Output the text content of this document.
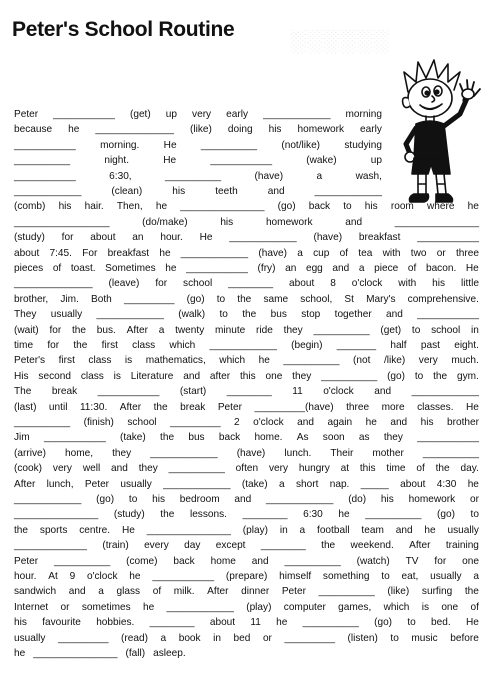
Peter's School Routine	░░░░░░
Peter ___________ (get) up very early ____________ morning
because he ______________ (like) doing his homework early
___________ morning. He __________ (not/like) studying
__________	night.	He	___________	(wake)	up
___________	6:30,	__________	(have)	a	wash,
____________	(clean)	his	teeth	and	____________
(comb) his hair. Then, he _______________ (go) back to his room where he
_________________	(do/make)	his	homework	and	_______________
(study) for about an hour. He ____________ (have) breakfast ___________
about 7:45. For breakfast he ____________ (have) a cup of tea with two or three
pieces of toast. Sometimes he ___________ (fry) an egg and a piece of bacon. He
______________ (leave) for school ________ about 8 o'clock with his little
brother, Jim. Both _________ (go) to the same school, St Mary's comprehensive.
They usually ____________ (walk) to the bus stop together and ___________
(wait) for the bus. After a twenty minute ride they __________ (get) to school in
time for the first class which ____________ (begin) _______ half past eight.
Peter's first class is mathematics, which he __________ (not /like) very much.
His second class is Literature and after this one they __________ (go) to the gym.
The break ___________ (start) ________ 11 o'clock and ____________
(last) until 11:30. After the break Peter _________(have) three more classes. He
__________ (finish) school _________ 2 o'clock and again he and his brother
Jim ___________ (take) the bus back home. As soon as they ___________
(arrive) home, they ____________ (have) lunch. Their mother __________
(cook) very well and they __________ often very hungry at this time of the day.
After lunch, Peter usually ____________ (take) a short nap. _____ about 4:30 he
____________ (go) to his bedroom and ____________ (do) his homework or
_______________ (study) the lessons. ________ 6:30 he __________ (go) to
the sports centre. He _______________ (play) in a football team and he usually
_____________ (train) every day except ________ the weekend. After training
Peter __________ (come) back home and __________ (watch) TV for one
hour. At 9 o'clock he ___________ (prepare) himself something to eat, usually a
sandwich and a glass of milk. After dinner Peter __________ (like) surfing the
Internet or sometimes he ____________ (play) computer games, which is one of
his favourite hobbies. ________ about 11 he __________ (go) to bed. He
usually _________ (read) a book in bed or _________ (listen) to music before
he _______________ (fall) asleep.
